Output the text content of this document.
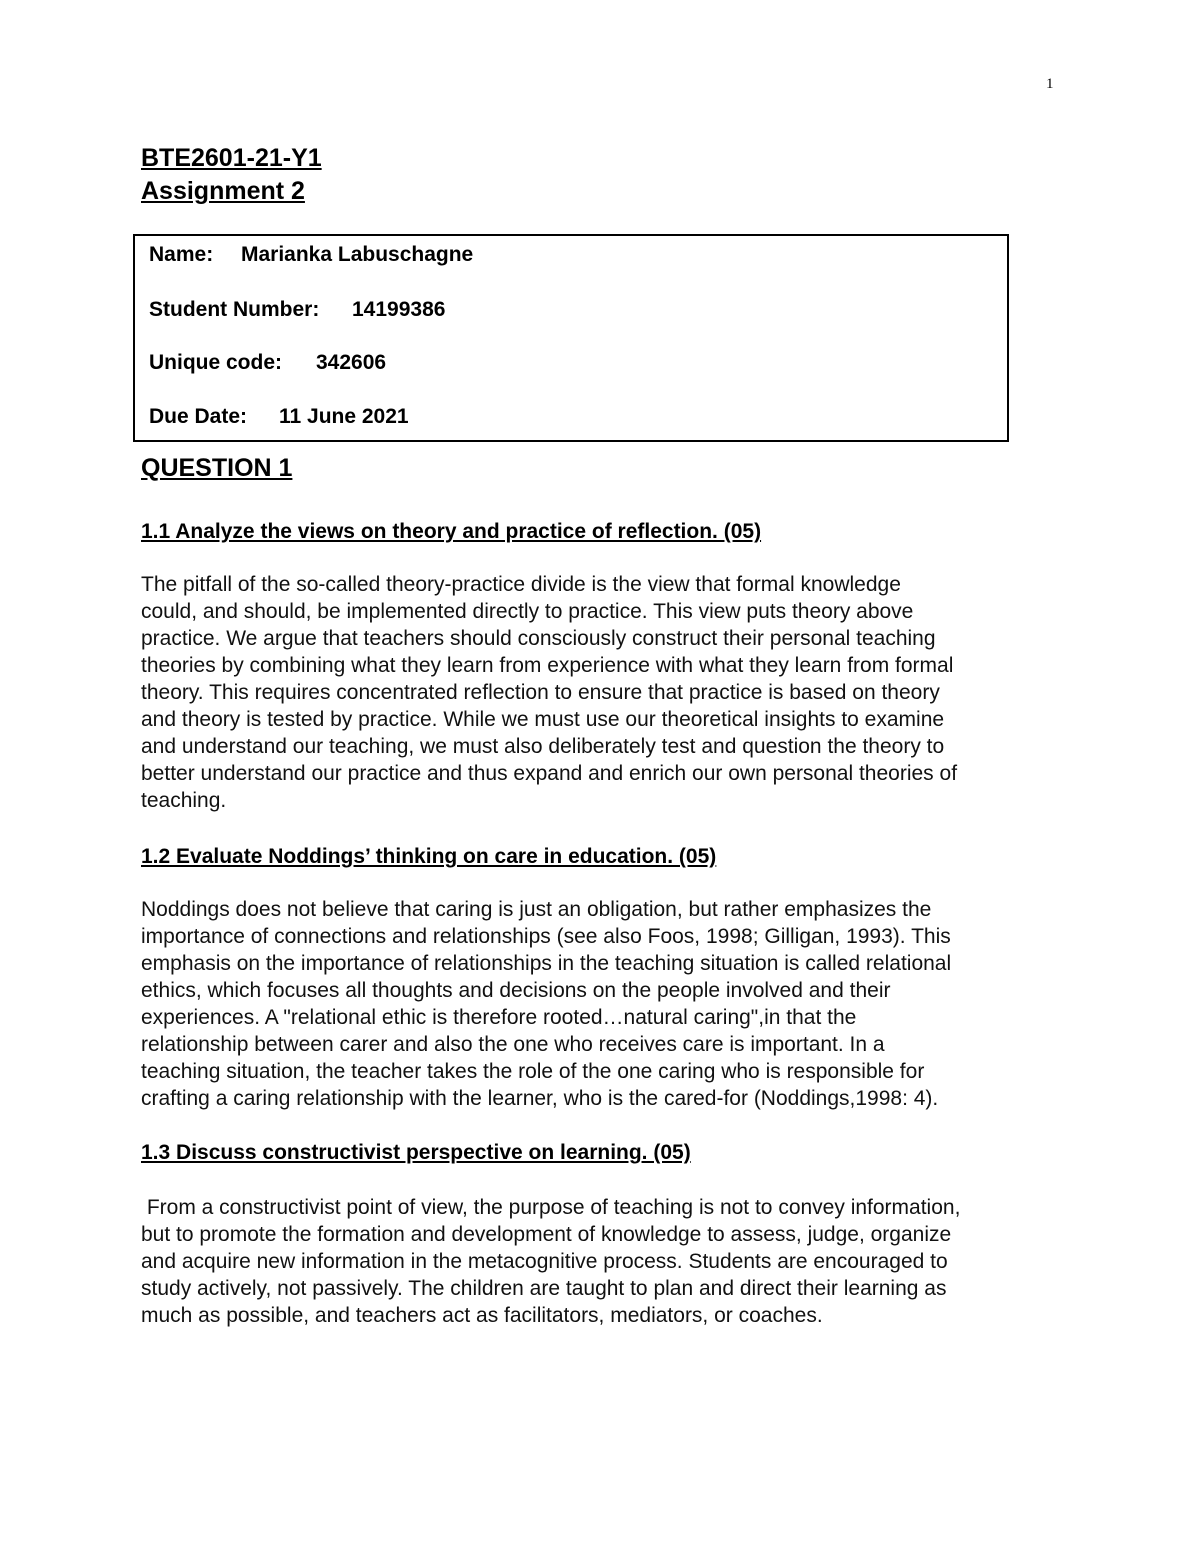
1
BTE2601-21-Y1
Assignment 2
Name: Marianka Labuschagne
Student Number: 14199386
Unique code: 342606
Due Date: 11 June 2021
QUESTION 1
1.1 Analyze the views on theory and practice of reflection. (05)
The pitfall of the so-called theory-practice divide is the view that formal knowledge
could, and should, be implemented directly to practice. This view puts theory above
practice. We argue that teachers should consciously construct their personal teaching
theories by combining what they learn from experience with what they learn from formal
theory. This requires concentrated reflection to ensure that practice is based on theory
and theory is tested by practice. While we must use our theoretical insights to examine
and understand our teaching, we must also deliberately test and question the theory to
better understand our practice and thus expand and enrich our own personal theories of
teaching.
1.2 Evaluate Noddings’ thinking on care in education. (05)
Noddings does not believe that caring is just an obligation, but rather emphasizes the
importance of connections and relationships (see also Foos, 1998; Gilligan, 1993). This
emphasis on the importance of relationships in the teaching situation is called relational
ethics, which focuses all thoughts and decisions on the people involved and their
experiences. A "relational ethic is therefore rooted…natural caring",in that the
relationship between carer and also the one who receives care is important. In a
teaching situation, the teacher takes the role of the one caring who is responsible for
crafting a caring relationship with the learner, who is the cared-for (Noddings,1998: 4).
1.3 Discuss constructivist perspective on learning. (05)
From a constructivist point of view, the purpose of teaching is not to convey information,
but to promote the formation and development of knowledge to assess, judge, organize
and acquire new information in the metacognitive process. Students are encouraged to
study actively, not passively. The children are taught to plan and direct their learning as
much as possible, and teachers act as facilitators, mediators, or coaches.
